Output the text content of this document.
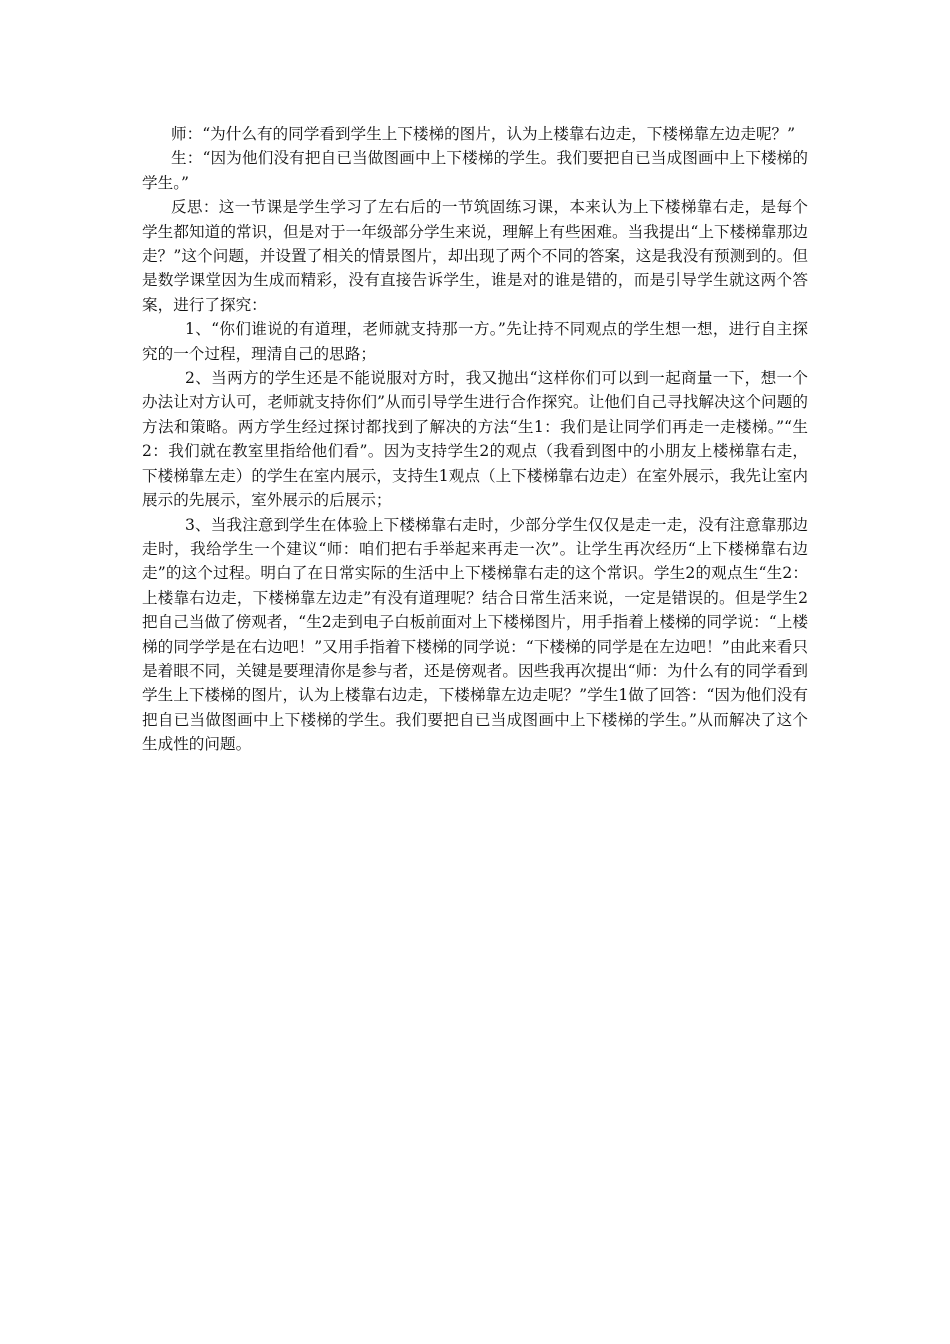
师：“为什么有的同学看到学生上下楼梯的图片，认为上楼靠右边走，下楼梯靠左边走呢？”

生：“因为他们没有把自已当做图画中上下楼梯的学生。我们要把自已当成图画中上下楼梯的学生。”

反思：这一节课是学生学习了左右后的一节筑固练习课，本来认为上下楼梯靠右走，是每个学生都知道的常识，但是对于一年级部分学生来说，理解上有些困难。当我提出“上下楼梯靠那边走？”这个问题，并设置了相关的情景图片，却出现了两个不同的答案，这是我没有预测到的。但是数学课堂因为生成而精彩，没有直接告诉学生，谁是对的谁是错的，而是引导学生就这两个答案，进行了探究：

1、“你们谁说的有道理，老师就支持那一方。”先让持不同观点的学生想一想，进行自主探究的一个过程，理清自己的思路；

2、当两方的学生还是不能说服对方时，我又抛出“这样你们可以到一起商量一下，想一个办法让对方认可，老师就支持你们”从而引导学生进行合作探究。让他们自己寻找解决这个问题的方法和策略。两方学生经过探讨都找到了解决的方法“生1：我们是让同学们再走一走楼梯。”“生2：我们就在教室里指给他们看”。因为支持学生2的观点（我看到图中的小朋友上楼梯靠右走，下楼梯靠左走）的学生在室内展示，支持生1观点（上下楼梯靠右边走）在室外展示，我先让室内展示的先展示，室外展示的后展示；

3、当我注意到学生在体验上下楼梯靠右走时，少部分学生仅仅是走一走，没有注意靠那边走时，我给学生一个建议“师：咱们把右手举起来再走一次”。让学生再次经历“上下楼梯靠右边走”的这个过程。明白了在日常实际的生活中上下楼梯靠右走的这个常识。学生2的观点生“生2：上楼靠右边走，下楼梯靠左边走”有没有道理呢？结合日常生活来说，一定是错误的。但是学生2把自己当做了傍观者，“生2走到电子白板前面对上下楼梯图片，用手指着上楼梯的同学说：“上楼梯的同学学是在右边吧！”又用手指着下楼梯的同学说：“下楼梯的同学是在左边吧！”由此来看只是着眼不同，关键是要理清你是参与者，还是傍观者。因些我再次提出“师：为什么有的同学看到学生上下楼梯的图片，认为上楼靠右边走，下楼梯靠左边走呢？”学生1做了回答：“因为他们没有把自已当做图画中上下楼梯的学生。我们要把自已当成图画中上下楼梯的学生。”从而解决了这个生成性的问题。
